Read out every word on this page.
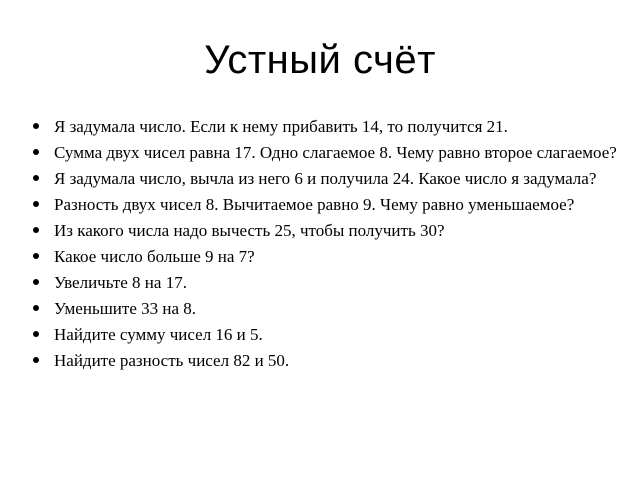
Устный счёт
Я задумала число. Если к нему прибавить 14, то получится 21.
Сумма двух чисел равна 17. Одно слагаемое 8. Чему равно второе слагаемое?
Я задумала число, вычла из него 6 и получила 24. Какое число я задумала?
Разность двух чисел 8. Вычитаемое равно 9. Чему равно уменьшаемое?
Из какого числа надо вычесть 25, чтобы получить 30?
Какое число больше 9 на 7?
Увеличьте 8 на 17.
Уменьшите 33 на 8.
Найдите сумму чисел 16 и 5.
Найдите разность чисел 82 и 50.
